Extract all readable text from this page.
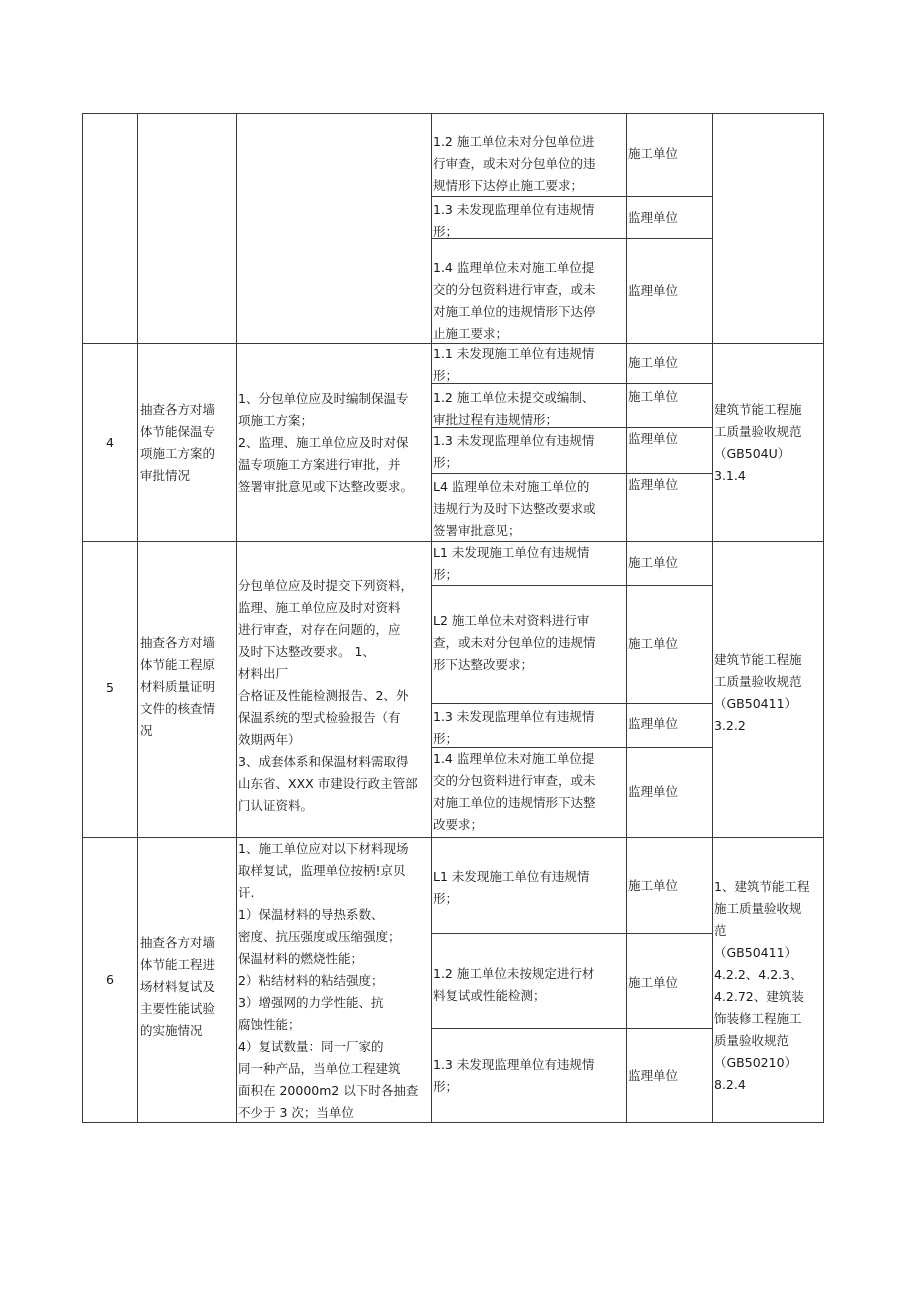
1.2 施工单位未对分包单位进
行审查，或未对分包单位的违
规情形下达停止施工要求；
施工单位
1.3 未发现监理单位有违规情
形；
监理单位
1.4 监理单位未对施工单位提
交的分包资料进行审查，或未
对施工单位的违规情形下达停
止施工要求；
监理单位
4
抽查各方对墙
体节能保温专
项施工方案的
审批情况
1、分包单位应及时编制保温专
项施工方案；
2、监理、施工单位应及时对保
温专项施工方案进行审批，并
签署审批意见或下达整改要求。
1.1 未发现施工单位有违规情
形；
施工单位
1.2 施工单位未提交或编制、
审批过程有违规情形；
施工单位
1.3 未发现监理单位有违规情
形；
监理单位
L4 监理单位未对施工单位的
违规行为及时下达整改要求或
签署审批意见；
监理单位
建筑节能工程施
工质量验收规范
（GB504U）
3.1.4
5
抽查各方对墙
体节能工程原
材料质量证明
文件的核查情
况
分包单位应及时提交下列资料，
监理、施工单位应及时对资料
进行审查，对存在问题的，应
及时下达整改要求。 1、
材料出厂
合格证及性能检测报告、2、外
保温系统的型式检验报告（有
效期两年）
3、成套体系和保温材料需取得
山东省、XXX 市建设行政主管部
门认证资料。
L1 未发现施工单位有违规情
形；
施工单位
L2 施工单位未对资料进行审
查，或未对分包单位的违规情
形下达整改要求；
施工单位
1.3 未发现监理单位有违规情
形；
监理单位
1.4 监理单位未对施工单位提
交的分包资料进行审查，或未
对施工单位的违规情形下达整
改要求；
监理单位
建筑节能工程施
工质量验收规范
（GB50411）
3.2.2
6
抽查各方对墙
体节能工程进
场材料复试及
主要性能试验
的实施情况
1、施工单位应对以下材料现场
取样复试，监理单位按柄!京贝
讦.
1）保温材料的导热系数、
密度、抗压强度或压缩强度；
保温材料的燃烧性能；
2）粘结材料的粘结强度；
3）增强网的力学性能、抗
腐蚀性能；
4）复试数量：同一厂家的
同一种产品，当单位工程建筑
面积在 20000m2 以下时各抽查
不少于 3 次；当单位
L1 未发现施工单位有违规情
形；
施工单位
1.2 施工单位未按规定进行材
料复试或性能检测；
施工单位
1.3 未发现监理单位有违规情
形；
监理单位
1、建筑节能工程
施工质量验收规
范
（GB50411）
4.2.2、4.2.3、
4.2.72、建筑装
饰装修工程施工
质量验收规范
（GB50210）
8.2.4
